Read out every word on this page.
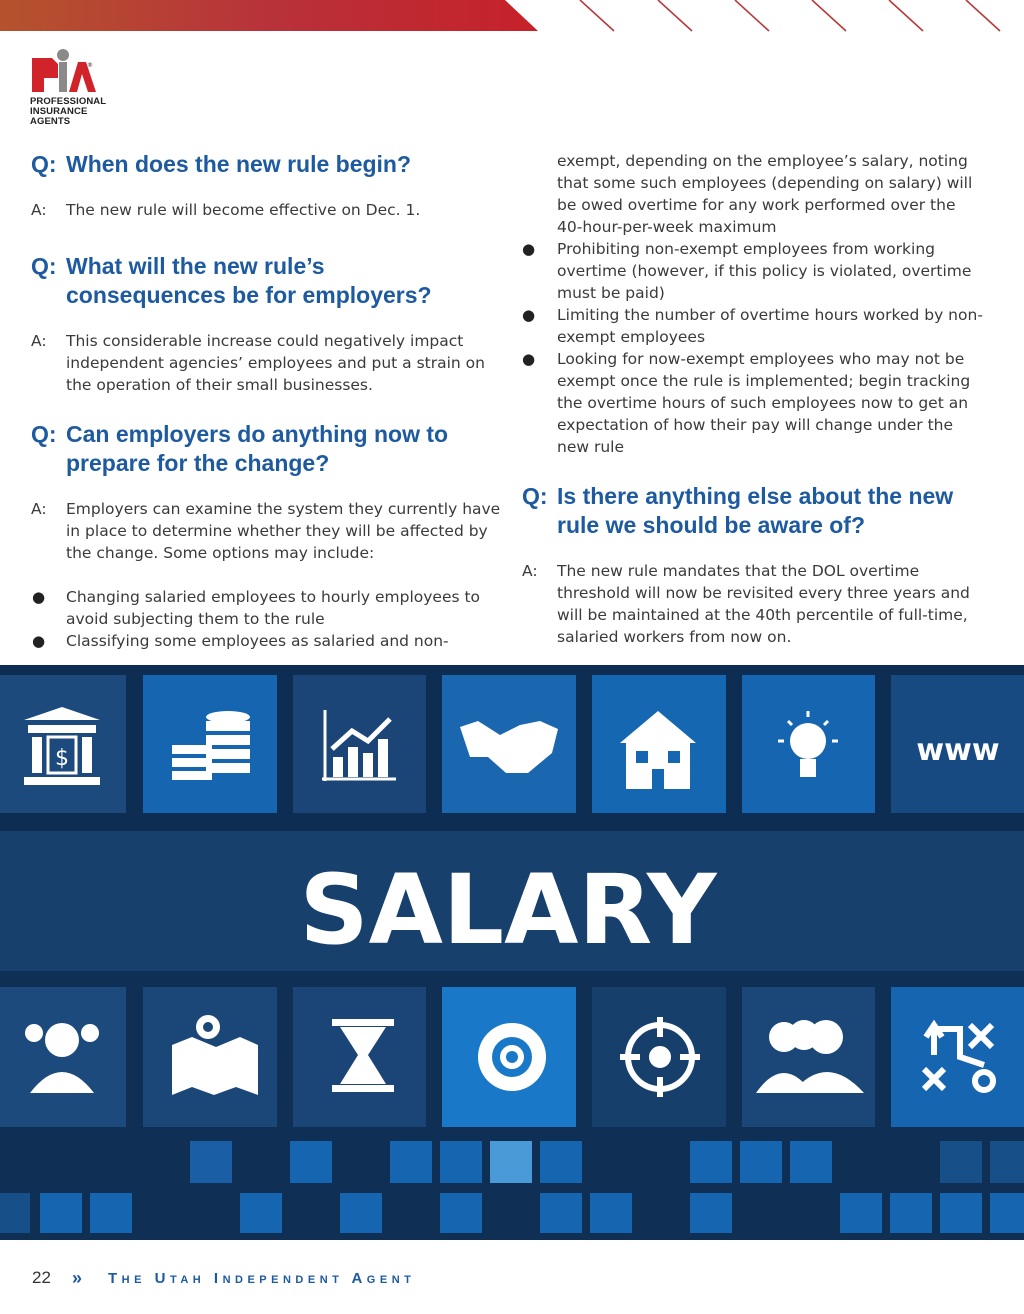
®
PROFESSIONAL
INSURANCE
AGENTS
Q: When does the new rule begin?
A: The new rule will become effective on Dec. 1.
Q: What will the new rule’s
consequences be for employers?
A: This considerable increase could negatively impact
independent agencies’ employees and put a strain on
the operation of their small businesses.
Q: Can employers do anything now to
prepare for the change?
A: Employers can examine the system they currently have
in place to determine whether they will be affected by
the change. Some options may include:
● Changing salaried employees to hourly employees to
avoid subjecting them to the rule
● Classifying some employees as salaried and non-
exempt, depending on the employee’s salary, noting
that some such employees (depending on salary) will
be owed overtime for any work performed over the
40-hour-per-week maximum
● Prohibiting non-exempt employees from working
overtime (however, if this policy is violated, overtime
must be paid)
● Limiting the number of overtime hours worked by non-
exempt employees
● Looking for now-exempt employees who may not be
exempt once the rule is implemented; begin tracking
the overtime hours of such employees now to get an
expectation of how their pay will change under the
new rule
Q: Is there anything else about the new
rule we should be aware of?
A: The new rule mandates that the DOL overtime
threshold will now be revisited every three years and
will be maintained at the 40th percentile of full-time,
salaried workers from now on.
SALARY
$	www
22 » The Utah Independent Agent
